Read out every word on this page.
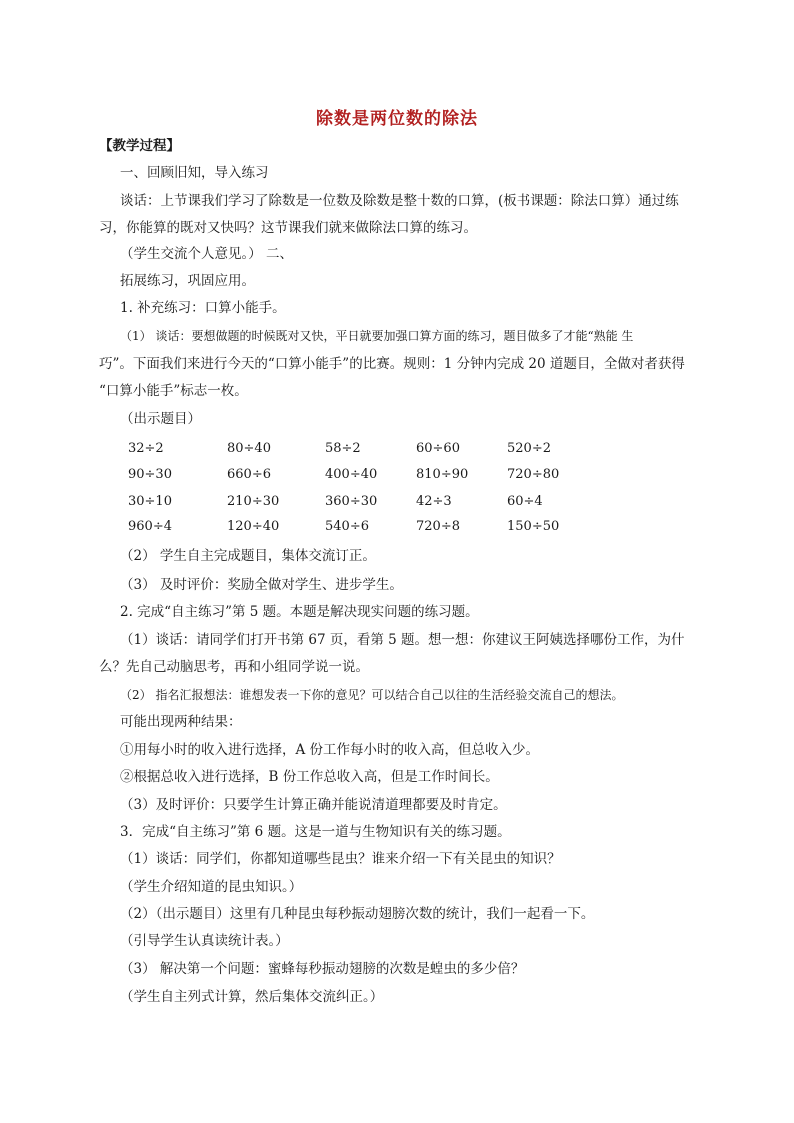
除数是两位数的除法
【教学过程】
一、回顾旧知，导入练习
谈话：上节课我们学习了除数是一位数及除数是整十数的口算，(板书课题：除法口算）通过练
习，你能算的既对又快吗？这节课我们就来做除法口算的练习。
（学生交流个人意见。） 二、
拓展练习，巩固应用。
1. 补充练习：口算小能手。
（1） 谈话：要想做题的时候既对又快，平日就要加强口算方面的练习，题目做多了才能“熟能 生
巧”。下面我们来进行今天的“口算小能手”的比赛。规则：1 分钟内完成 20 道题目，全做对者获得
“口算小能手”标志一枚。
（出示题目）
32÷2	80÷40	58÷2	60÷60	520÷2
90÷30	660÷6	400÷40	810÷90	720÷80
30÷10	210÷30	360÷30	42÷3	60÷4
960÷4	120÷40	540÷6	720÷8	150÷50
（2） 学生自主完成题目，集体交流订正。
（3） 及时评价：奖励全做对学生、进步学生。
2. 完成“自主练习”第 5 题。本题是解决现实问题的练习题。
（1）谈话：请同学们打开书第 67 页，看第 5 题。想一想：你建议王阿姨选择哪份工作，为什
么？先自己动脑思考，再和小组同学说一说。
（2） 指名汇报想法：谁想发表一下你的意见？可以结合自己以往的生活经验交流自己的想法。
可能出现两种结果：
①用每小时的收入进行选择，A 份工作每小时的收入高，但总收入少。
②根据总收入进行选择，B 份工作总收入高，但是工作时间长。
（3）及时评价：只要学生计算正确并能说清道理都要及时肯定。
3．完成“自主练习”第 6 题。这是一道与生物知识有关的练习题。
（1）谈话：同学们，你都知道哪些昆虫？谁来介绍一下有关昆虫的知识？
（学生介绍知道的昆虫知识。）
（2）（出示题目）这里有几种昆虫每秒振动翅膀次数的统计，我们一起看一下。
（引导学生认真读统计表。）
（3） 解决第一个问题：蜜蜂每秒振动翅膀的次数是蝗虫的多少倍？
（学生自主列式计算，然后集体交流纠正。）
